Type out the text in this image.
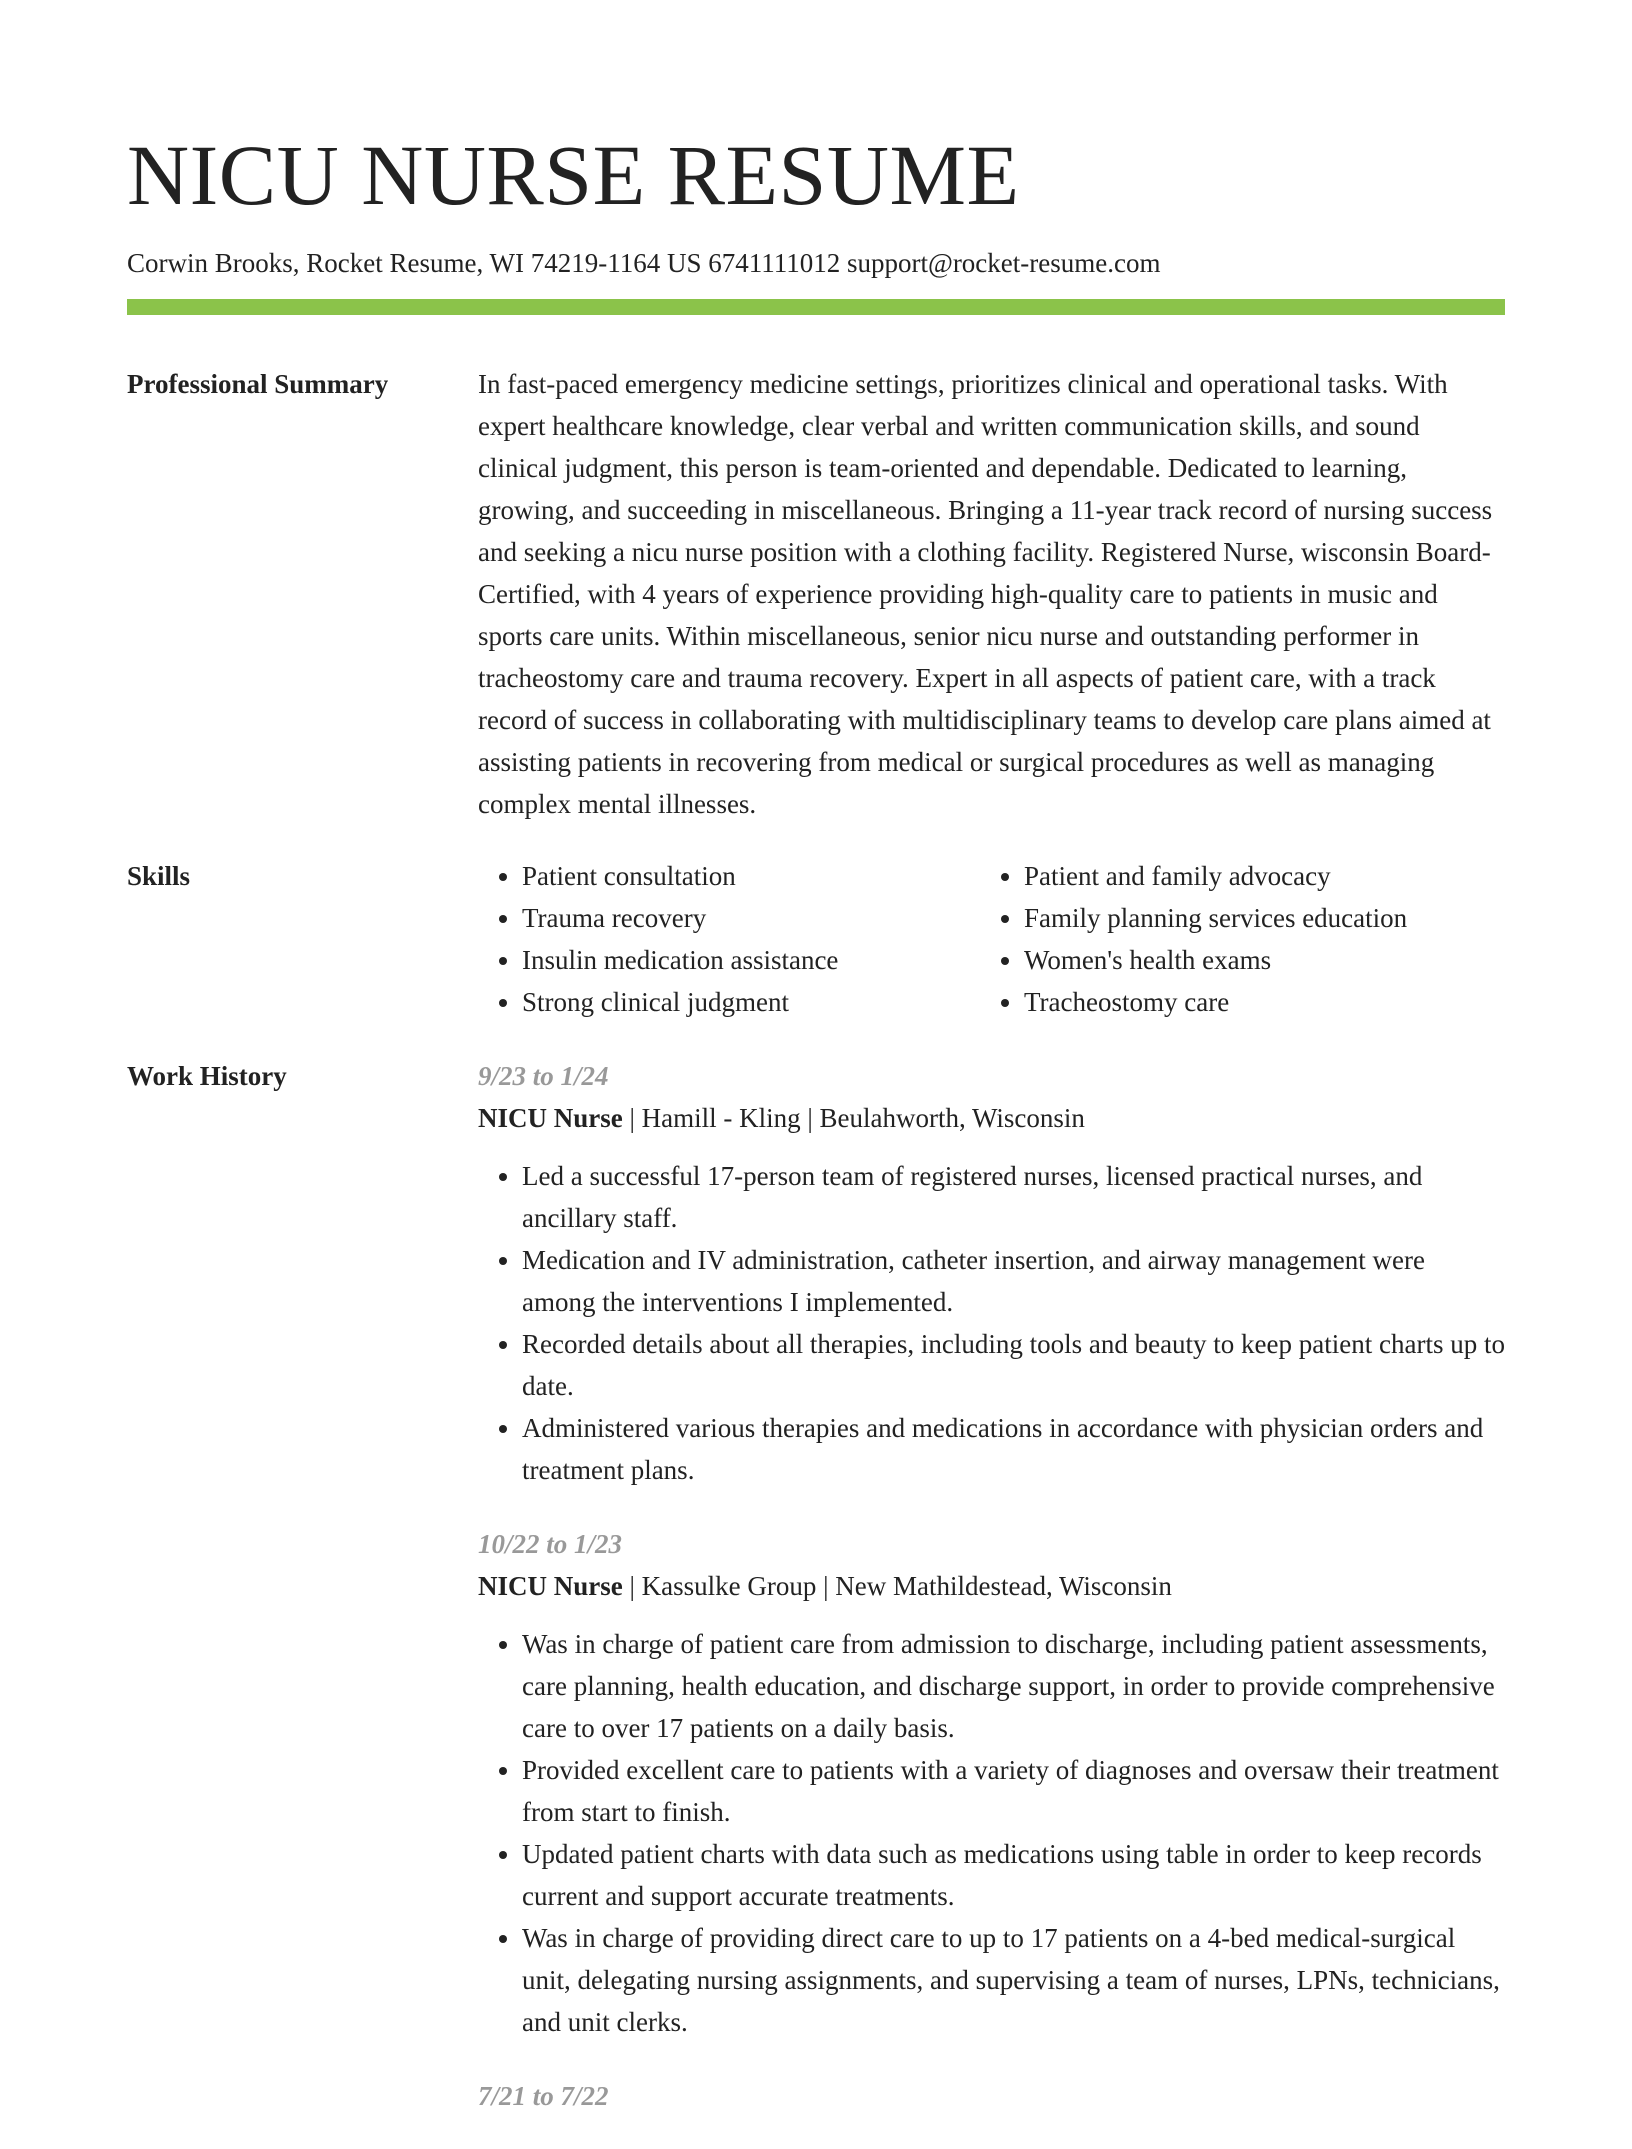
NICU NURSE RESUME
Corwin Brooks, Rocket Resume, WI 74219-1164 US 6741111012 support@rocket-resume.com
Professional Summary	In fast-paced emergency medicine settings, prioritizes clinical and operational tasks. With expert healthcare knowledge, clear verbal and written communication skills, and sound clinical judgment, this person is team-oriented and dependable. Dedicated to learning, growing, and succeeding in miscellaneous. Bringing a 11-year track record of nursing success and seeking a nicu nurse position with a clothing facility. Registered Nurse, wisconsin Board-Certified, with 4 years of experience providing high-quality care to patients in music and sports care units. Within miscellaneous, senior nicu nurse and outstanding performer in tracheostomy care and trauma recovery. Expert in all aspects of patient care, with a track record of success in collaborating with multidisciplinary teams to develop care plans aimed at assisting patients in recovering from medical or surgical procedures as well as managing complex mental illnesses.
Skills
•	Patient consultation
• Trauma recovery
• Insulin medication assistance
• Strong clinical judgment
• Patient and family advocacy
• Family planning services education
• Women's health exams
• Tracheostomy care
Work History	9/23 to 1/24
NICU Nurse | Hamill - Kling | Beulahworth, Wisconsin
• Led a successful 17-person team of registered nurses, licensed practical nurses, and ancillary staff.
• Medication and IV administration, catheter insertion, and airway management were among the interventions I implemented.
• Recorded details about all therapies, including tools and beauty to keep patient charts up to date.
• Administered various therapies and medications in accordance with physician orders and treatment plans.
10/22 to 1/23
NICU Nurse | Kassulke Group | New Mathildestead, Wisconsin
• Was in charge of patient care from admission to discharge, including patient assessments, care planning, health education, and discharge support, in order to provide comprehensive care to over 17 patients on a daily basis.
• Provided excellent care to patients with a variety of diagnoses and oversaw their treatment from start to finish.
• Updated patient charts with data such as medications using table in order to keep records current and support accurate treatments.
• Was in charge of providing direct care to up to 17 patients on a 4-bed medical-surgical unit, delegating nursing assignments, and supervising a team of nurses, LPNs, technicians, and unit clerks.
7/21 to 7/22
